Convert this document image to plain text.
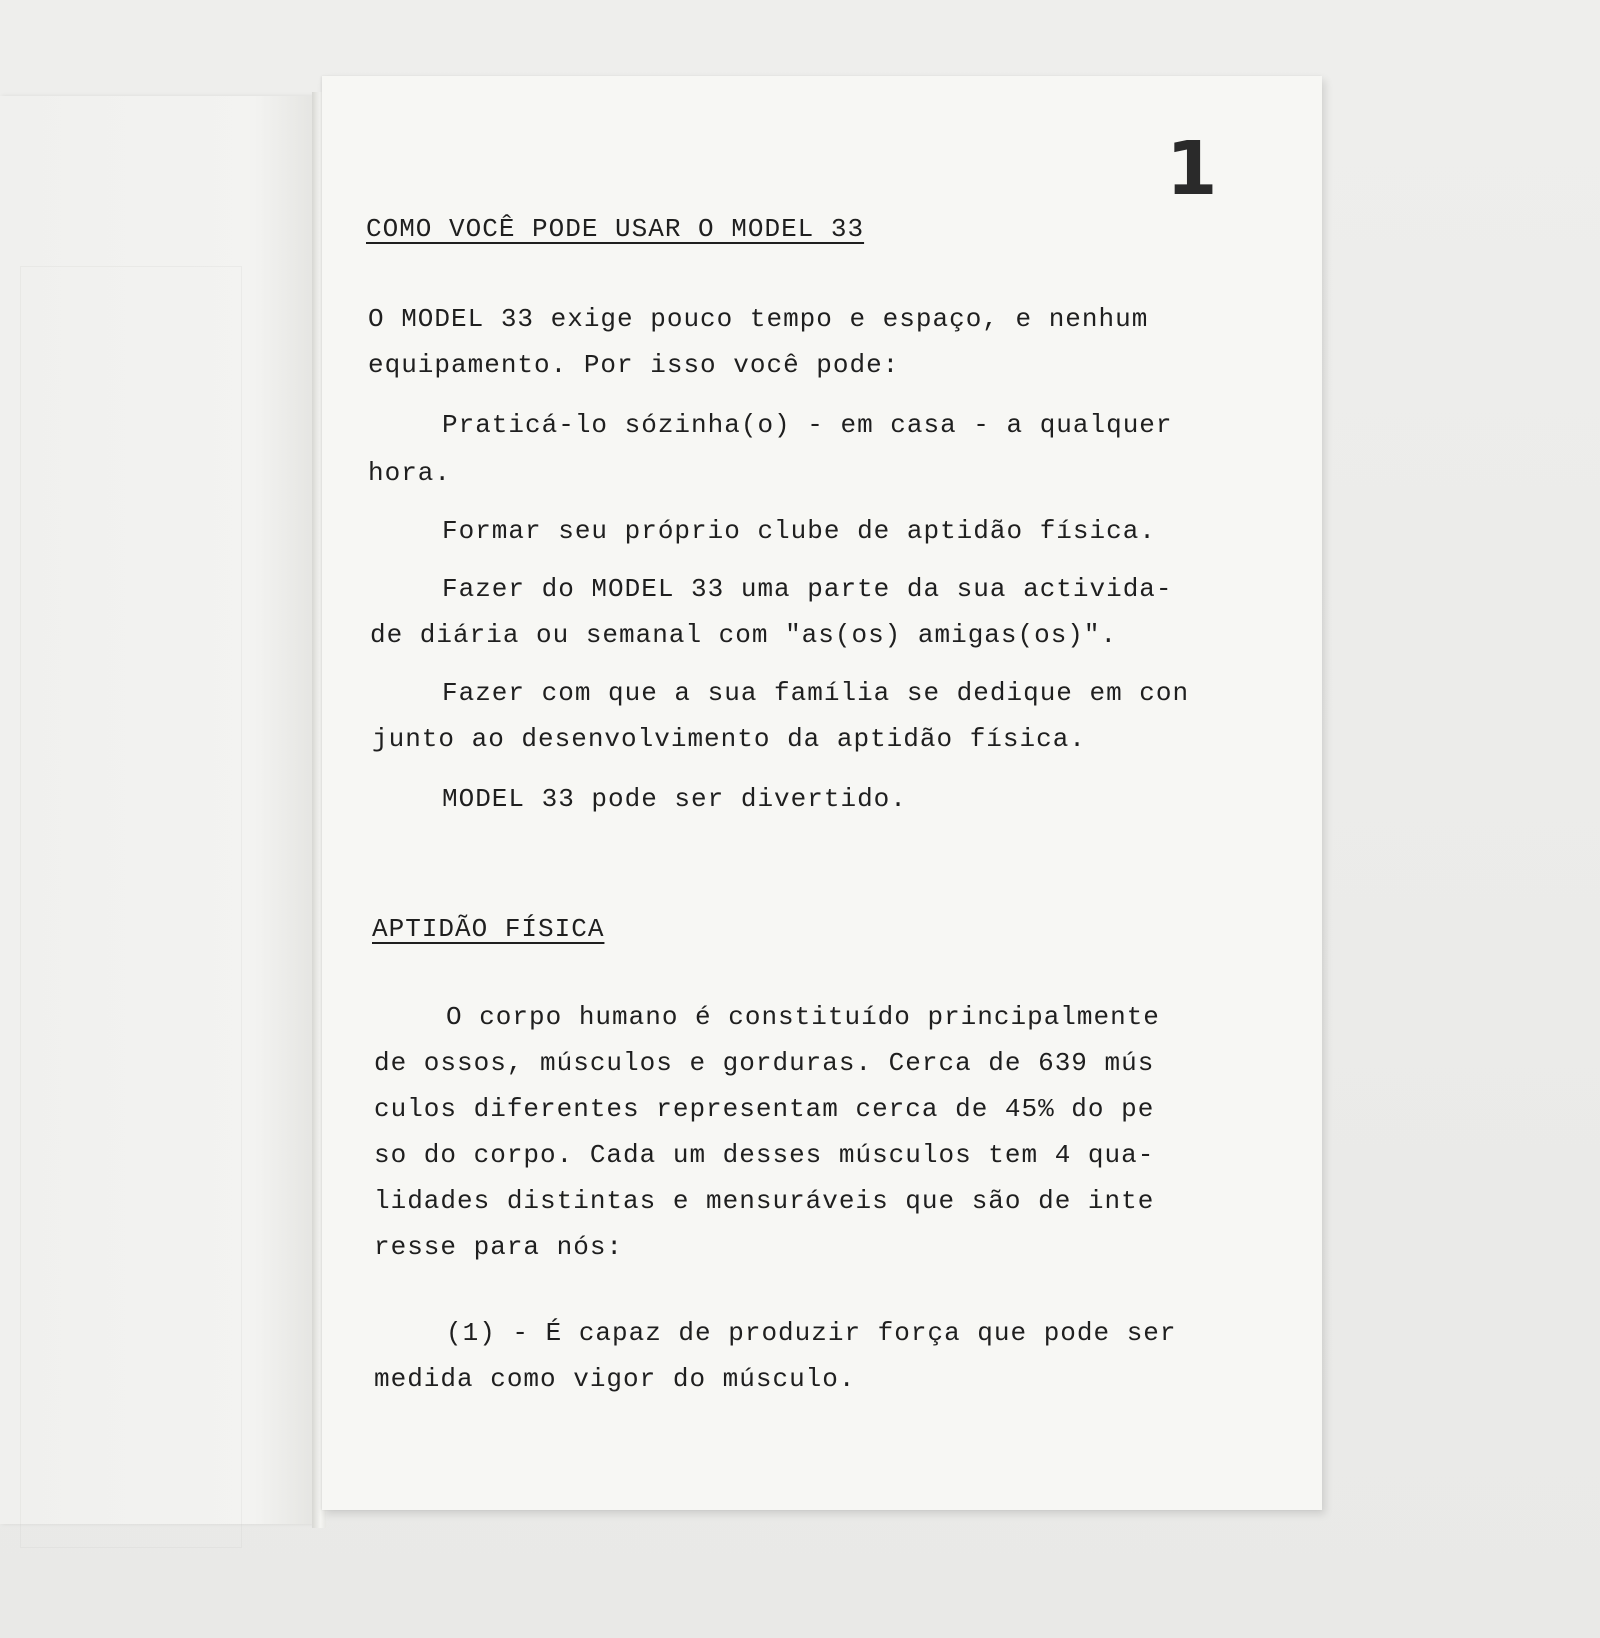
1
COMO VOCÊ PODE USAR O MODEL 33
O MODEL 33 exige pouco tempo e espaço, e nenhum
equipamento. Por isso você pode:
Praticá-lo sózinha(o) - em casa - a qualquer
hora.
Formar seu próprio clube de aptidão física.
Fazer do MODEL 33 uma parte da sua activida-
de diária ou semanal com "as(os) amigas(os)".
Fazer com que a sua família se dedique em con
junto ao desenvolvimento da aptidão física.
MODEL 33 pode ser divertido.
APTIDÃO FÍSICA
O corpo humano é constituído principalmente
de ossos, músculos e gorduras. Cerca de 639 mús
culos diferentes representam cerca de 45% do pe
so do corpo. Cada um desses músculos tem 4 qua-
lidades distintas e mensuráveis que são de inte
resse para nós:
(1) - É capaz de produzir força que pode ser
medida como vigor do músculo.
